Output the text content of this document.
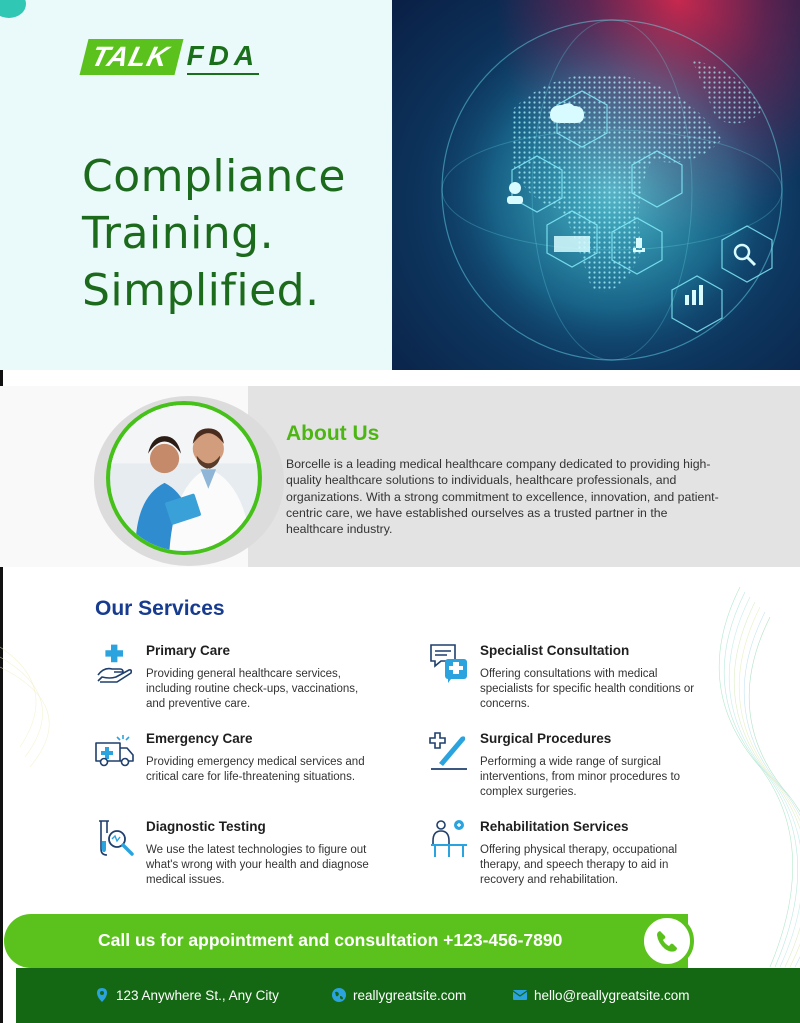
TALK FDA
Compliance
Training.
Simplified.
About Us
Borcelle is a leading medical healthcare company dedicated to providing high-quality healthcare solutions to individuals, healthcare professionals, and organizations. With a strong commitment to excellence, innovation, and patient-centric care, we have established ourselves as a trusted partner in the healthcare industry.
Our Services
Primary Care
Providing general healthcare services, including routine check-ups, vaccinations, and preventive care.
Specialist Consultation
Offering consultations with medical specialists for specific health conditions or concerns.
Emergency Care
Providing emergency medical services and critical care for life-threatening situations.
Surgical Procedures
Performing a wide range of surgical interventions, from minor procedures to complex surgeries.
Diagnostic Testing
We use the latest technologies to figure out what's wrong with your health and diagnose medical issues.
Rehabilitation Services
Offering physical therapy, occupational therapy, and speech therapy to aid in recovery and rehabilitation.
Call us for appointment and consultation +123-456-7890
123 Anywhere St., Any City	reallygreatsite.com	hello@reallygreatsite.com
